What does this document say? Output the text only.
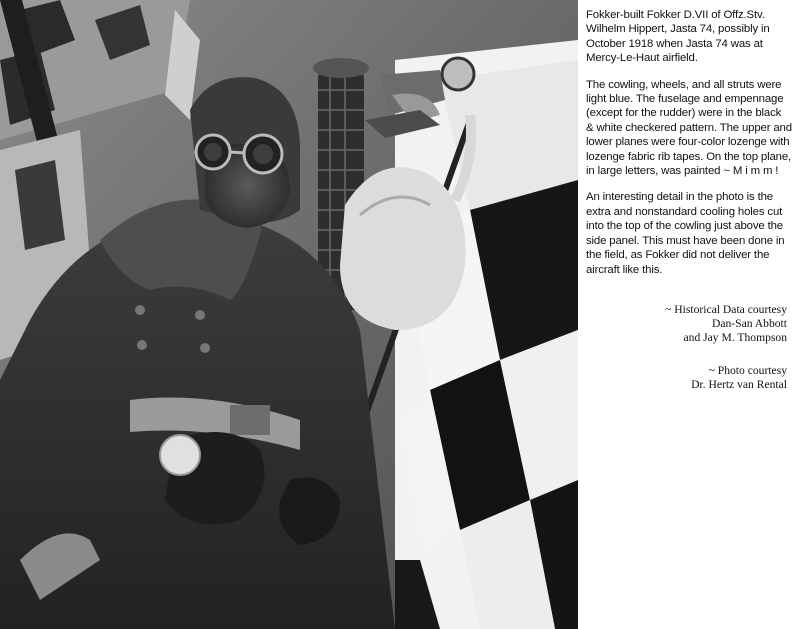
Fokker-built Fokker D.VII of Offz.Stv.
Wilhelm Hippert, Jasta 74, possibly in
October 1918 when Jasta 74 was at
Mercy-Le-Haut airfield.

The cowling, wheels, and all struts were
light blue. The fuselage and empennage
(except for the rudder) were in the black
& white checkered pattern. The upper and
lower planes were four-color lozenge with
lozenge fabric rib tapes. On the top plane,
in large letters, was painted ~ M i m m !

An interesting detail in the photo is the
extra and nonstandard cooling holes cut
into the top of the cowling just above the
side panel. This must have been done in
the field, as Fokker did not deliver the
aircraft like this.

~ Historical Data courtesy
Dan-San Abbott
and Jay M. Thompson

~ Photo courtesy
Dr. Hertz van Rental
